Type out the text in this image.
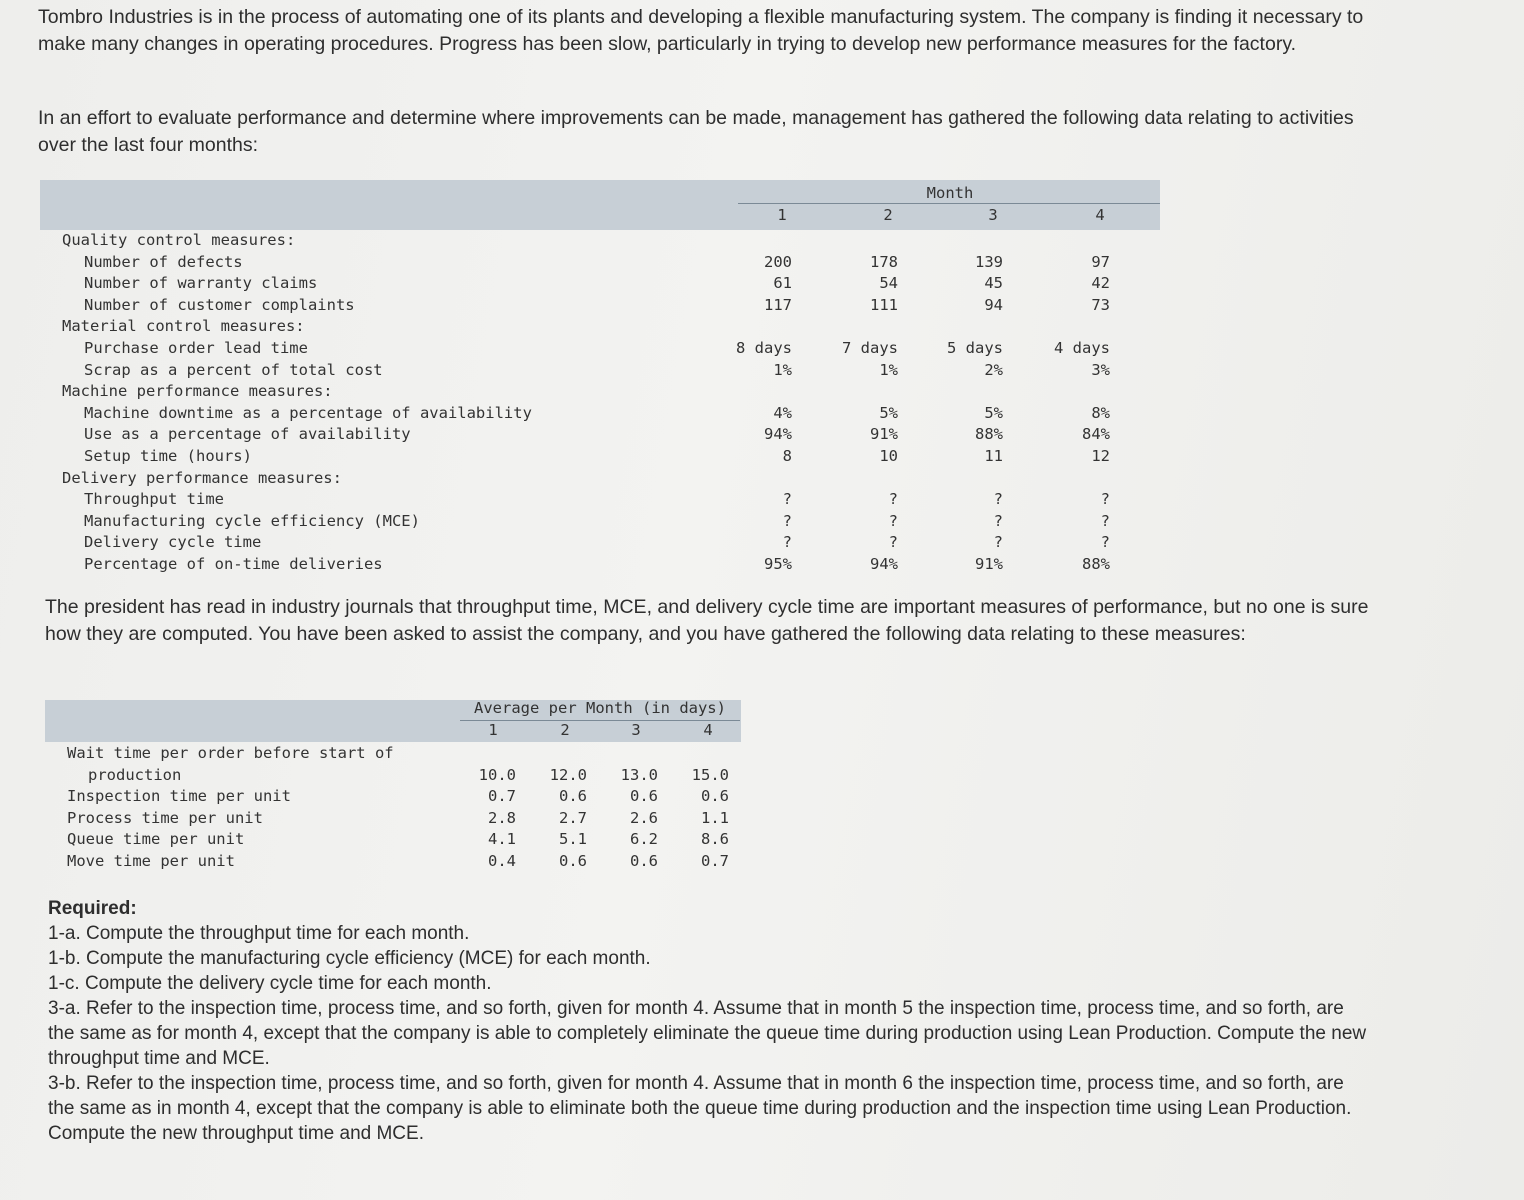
Tombro Industries is in the process of automating one of its plants and developing a flexible manufacturing system. The company is finding it necessary to make many changes in operating procedures. Progress has been slow, particularly in trying to develop new performance measures for the factory.
In an effort to evaluate performance and determine where improvements can be made, management has gathered the following data relating to activities over the last four months:
Month
1	2	3	4
Quality control measures:
Number of defects	200	178	139	97
Number of warranty claims	61	54	45	42
Number of customer complaints	117	111	94	73
Material control measures:
Purchase order lead time	8 days	7 days	5 days	4 days
Scrap as a percent of total cost	1%	1%	2%	3%
Machine performance measures:
Machine downtime as a percentage of availability	4%	5%	5%	8%
Use as a percentage of availability	94%	91%	88%	84%
Setup time (hours)	8	10	11	12
Delivery performance measures:
Throughput time	?	?	?	?
Manufacturing cycle efficiency (MCE)	?	?	?	?
Delivery cycle time	?	?	?	?
Percentage of on-time deliveries	95%	94%	91%	88%
The president has read in industry journals that throughput time, MCE, and delivery cycle time are important measures of performance, but no one is sure how they are computed. You have been asked to assist the company, and you have gathered the following data relating to these measures:
Average per Month (in days)
1	2	3	4
Wait time per order before start of
production	10.0	12.0	13.0	15.0
Inspection time per unit	0.7	0.6	0.6	0.6
Process time per unit	2.8	2.7	2.6	1.1
Queue time per unit	4.1	5.1	6.2	8.6
Move time per unit	0.4	0.6	0.6	0.7
Required:
1-a. Compute the throughput time for each month.
1-b. Compute the manufacturing cycle efficiency (MCE) for each month.
1-c. Compute the delivery cycle time for each month.
3-a. Refer to the inspection time, process time, and so forth, given for month 4. Assume that in month 5 the inspection time, process time, and so forth, are the same as for month 4, except that the company is able to completely eliminate the queue time during production using Lean Production. Compute the new throughput time and MCE.
3-b. Refer to the inspection time, process time, and so forth, given for month 4. Assume that in month 6 the inspection time, process time, and so forth, are the same as in month 4, except that the company is able to eliminate both the queue time during production and the inspection time using Lean Production. Compute the new throughput time and MCE.
